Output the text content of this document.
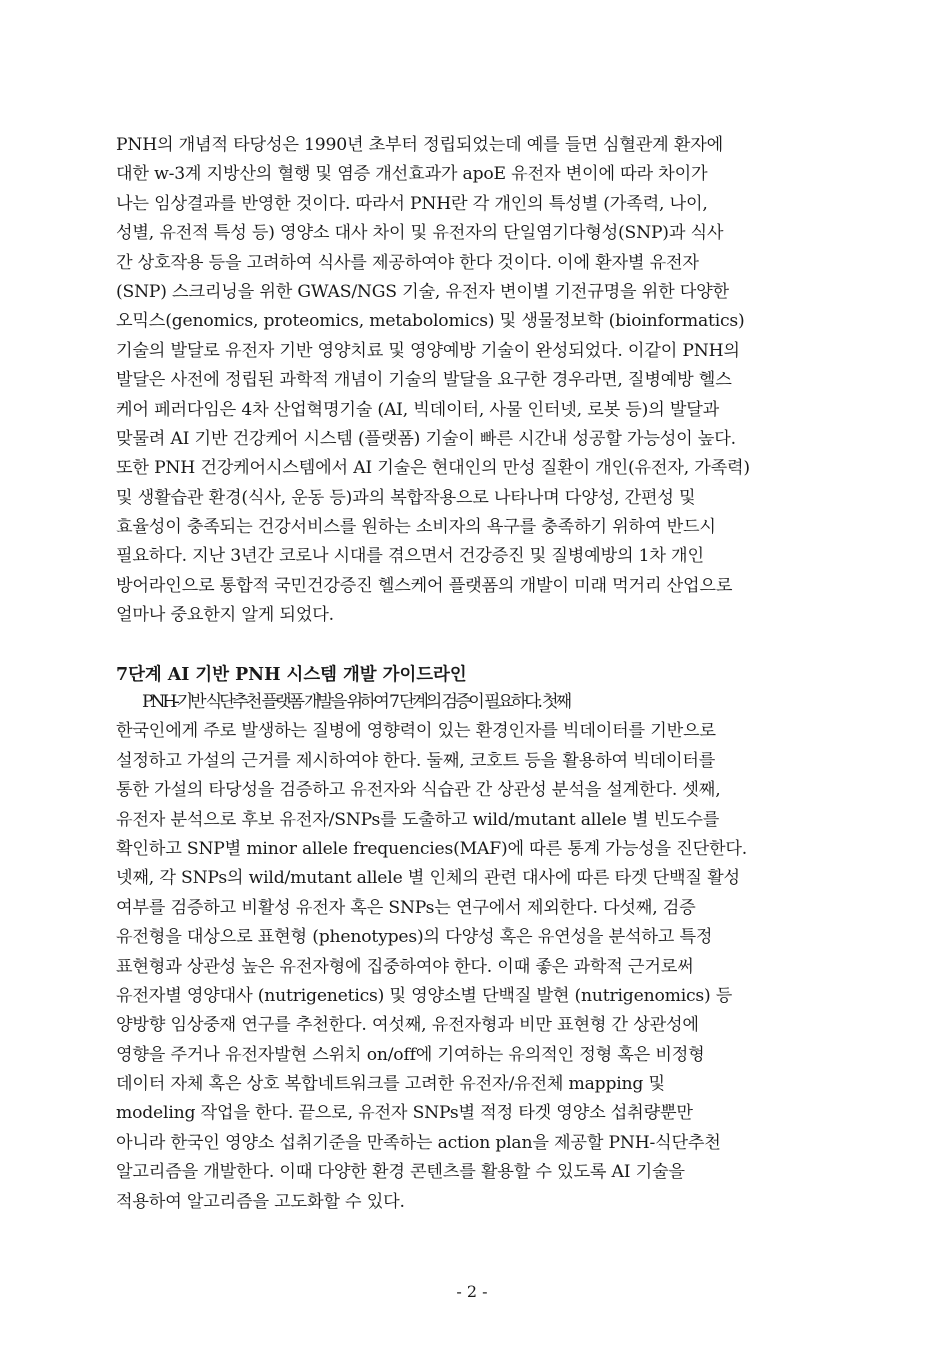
PNH의 개념적 타당성은 1990년 초부터 정립되었는데 예를 들면 심혈관계 환자에
대한 w-3계 지방산의 혈행 및 염증 개선효과가 apoE 유전자 변이에 따라 차이가
나는 임상결과를 반영한 것이다. 따라서 PNH란 각 개인의 특성별 (가족력, 나이,
성별, 유전적 특성 등) 영양소 대사 차이 및 유전자의 단일염기다형성(SNP)과 식사
간 상호작용 등을 고려하여 식사를 제공하여야 한다 것이다. 이에 환자별 유전자
(SNP) 스크리닝을 위한 GWAS/NGS 기술, 유전자 변이별 기전규명을 위한 다양한
오믹스(genomics, proteomics, metabolomics) 및 생물정보학 (bioinformatics)
기술의 발달로 유전자 기반 영양치료 및 영양예방 기술이 완성되었다. 이같이 PNH의
발달은 사전에 정립된 과학적 개념이 기술의 발달을 요구한 경우라면, 질병예방 헬스
케어 페러다임은 4차 산업혁명기술 (AI, 빅데이터, 사물 인터넷, 로봇 등)의 발달과
맞물려 AI 기반 건강케어 시스템 (플랫폼) 기술이 빠른 시간내 성공할 가능성이 높다.
또한 PNH 건강케어시스템에서 AI 기술은 현대인의 만성 질환이 개인(유전자, 가족력)
및 생활습관 환경(식사, 운동 등)과의 복합작용으로 나타나며 다양성, 간편성 및
효율성이 충족되는 건강서비스를 원하는 소비자의 욕구를 충족하기 위하여 반드시
필요하다. 지난 3년간 코로나 시대를 겪으면서 건강증진 및 질병예방의 1차 개인
방어라인으로 통합적 국민건강증진 헬스케어 플랫폼의 개발이 미래 먹거리 산업으로
얼마나 중요한지 알게 되었다.
7단계 AI 기반 PNH 시스템 개발 가이드라인
PNH-기반 식단추천 플랫폼 개발을 위하여 7 단계의 검증이 필요하다. 첫째
한국인에게 주로 발생하는 질병에 영향력이 있는 환경인자를 빅데이터를 기반으로
설정하고 가설의 근거를 제시하여야 한다. 둘째, 코호트 등을 활용하여 빅데이터를
통한 가설의 타당성을 검증하고 유전자와 식습관 간 상관성 분석을 설계한다. 셋째,
유전자 분석으로 후보 유전자/SNPs를 도출하고 wild/mutant allele 별 빈도수를
확인하고 SNP별 minor allele frequencies(MAF)에 따른 통계 가능성을 진단한다.
넷째, 각 SNPs의 wild/mutant allele 별 인체의 관련 대사에 따른 타겟 단백질 활성
여부를 검증하고 비활성 유전자 혹은 SNPs는 연구에서 제외한다. 다섯째, 검증
유전형을 대상으로 표현형 (phenotypes)의 다양성 혹은 유연성을 분석하고 특정
표현형과 상관성 높은 유전자형에 집중하여야 한다. 이때 좋은 과학적 근거로써
유전자별 영양대사 (nutrigenetics) 및 영양소별 단백질 발현 (nutrigenomics) 등
양방향 임상중재 연구를 추천한다. 여섯째, 유전자형과 비만 표현형 간 상관성에
영향을 주거나 유전자발현 스위치 on/off에 기여하는 유의적인 정형 혹은 비정형
데이터 자체 혹은 상호 복합네트워크를 고려한 유전자/유전체 mapping 및
modeling 작업을 한다. 끝으로, 유전자 SNPs별 적정 타겟 영양소 섭취량뿐만
아니라 한국인 영양소 섭취기준을 만족하는 action plan을 제공할 PNH-식단추천
알고리즘을 개발한다. 이때 다양한 환경 콘텐츠를 활용할 수 있도록 AI 기술을
적용하여 알고리즘을 고도화할 수 있다.
- 2 -
